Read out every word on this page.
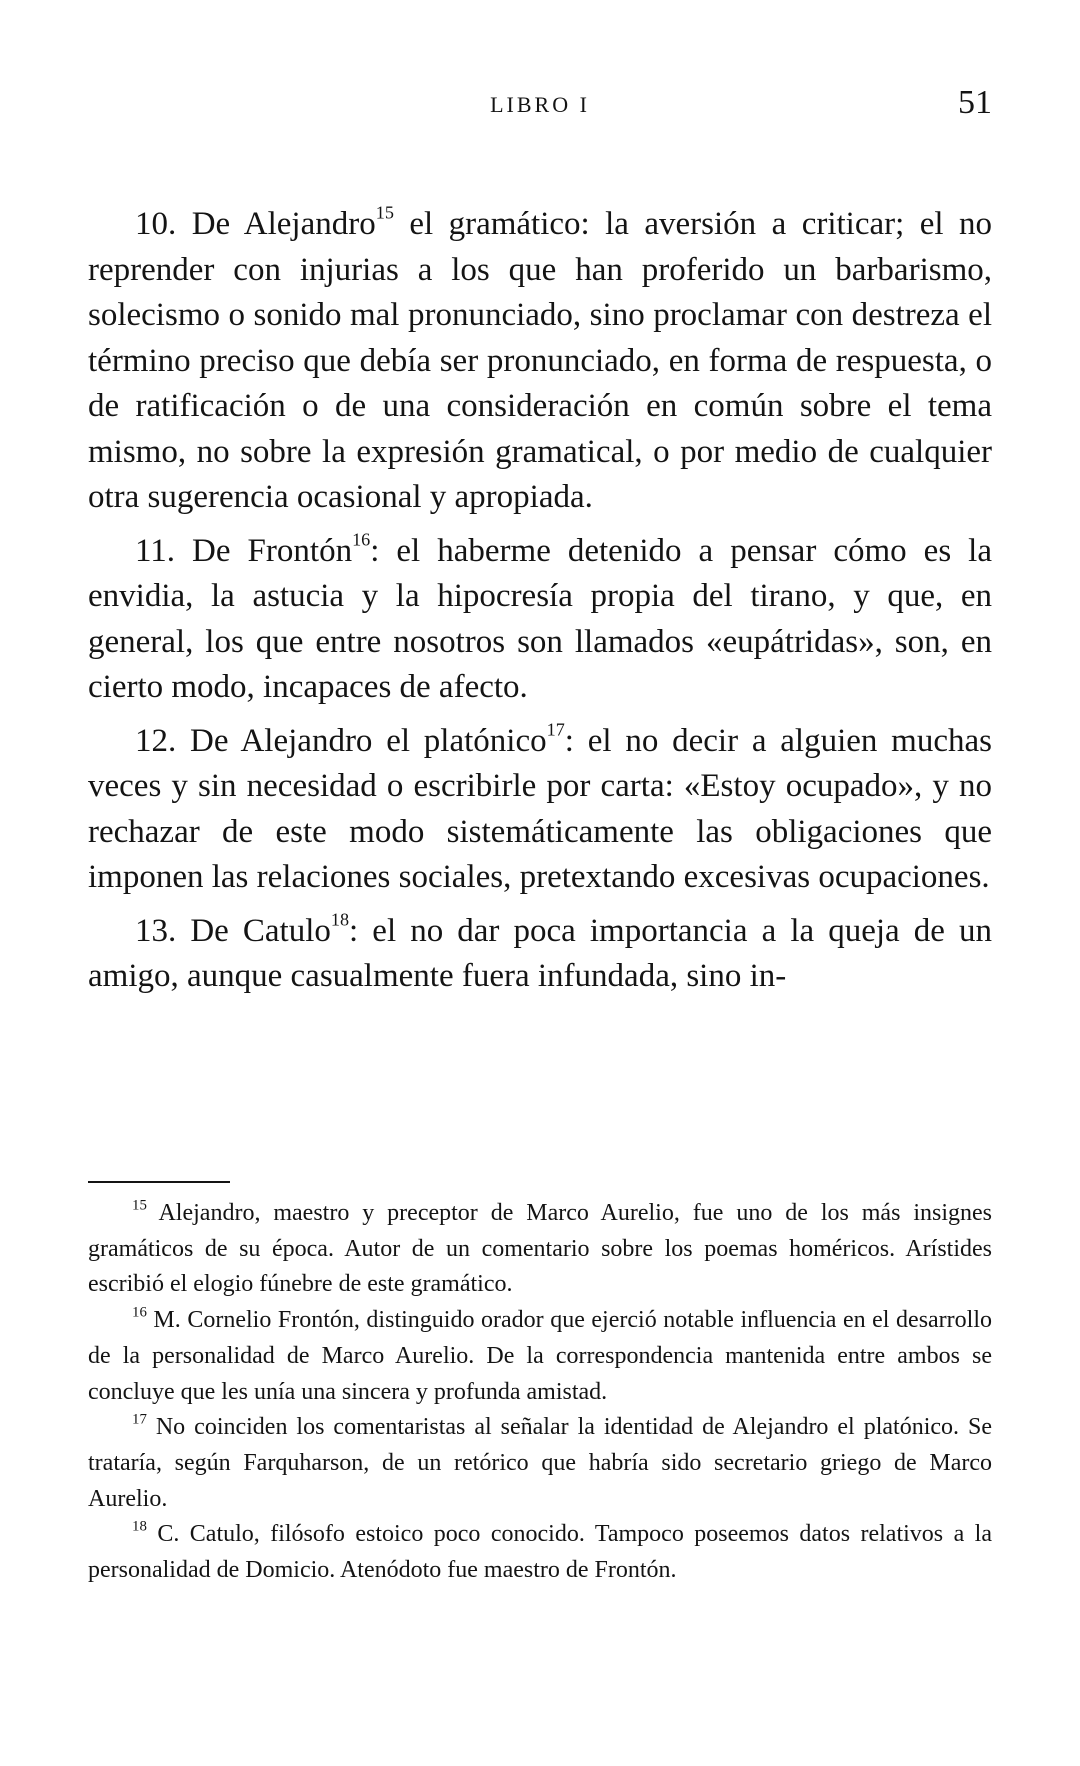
LIBRO I	51

10. De Alejandro$^{15}$ el gramático: la aversión a criticar; el no reprender con injurias a los que han proferido un barbarismo, solecismo o sonido mal pronunciado, sino proclamar con destreza el término preciso que debía ser pronunciado, en forma de respuesta, o de ratificación o de una consideración en común sobre el tema mismo, no sobre la expresión gramatical, o por medio de cualquier otra sugerencia ocasional y apropiada.

11. De Frontón$^{16}$: el haberme detenido a pensar cómo es la envidia, la astucia y la hipocresía propia del tirano, y que, en general, los que entre nosotros son llamados «eupátridas», son, en cierto modo, incapaces de afecto.

12. De Alejandro el platónico$^{17}$: el no decir a alguien muchas veces y sin necesidad o escribirle por carta: «Estoy ocupado», y no rechazar de este modo sistemáticamente las obligaciones que imponen las relaciones sociales, pretextando excesivas ocupaciones.

13. De Catulo$^{18}$: el no dar poca importancia a la queja de un amigo, aunque casualmente fuera infundada, sino in-

$^{15}$ Alejandro, maestro y preceptor de Marco Aurelio, fue uno de los más insignes gramáticos de su época. Autor de un comentario sobre los poemas homéricos. Arístides escribió el elogio fúnebre de este gramático.

$^{16}$ M. Cornelio Frontón, distinguido orador que ejerció notable influencia en el desarrollo de la personalidad de Marco Aurelio. De la correspondencia mantenida entre ambos se concluye que les unía una sincera y profunda amistad.

$^{17}$ No coinciden los comentaristas al señalar la identidad de Alejandro el platónico. Se trataría, según Farquharson, de un retórico que habría sido secretario griego de Marco Aurelio.

$^{18}$ C. Catulo, filósofo estoico poco conocido. Tampoco poseemos datos relativos a la personalidad de Domicio. Atenódoto fue maestro de Frontón.
